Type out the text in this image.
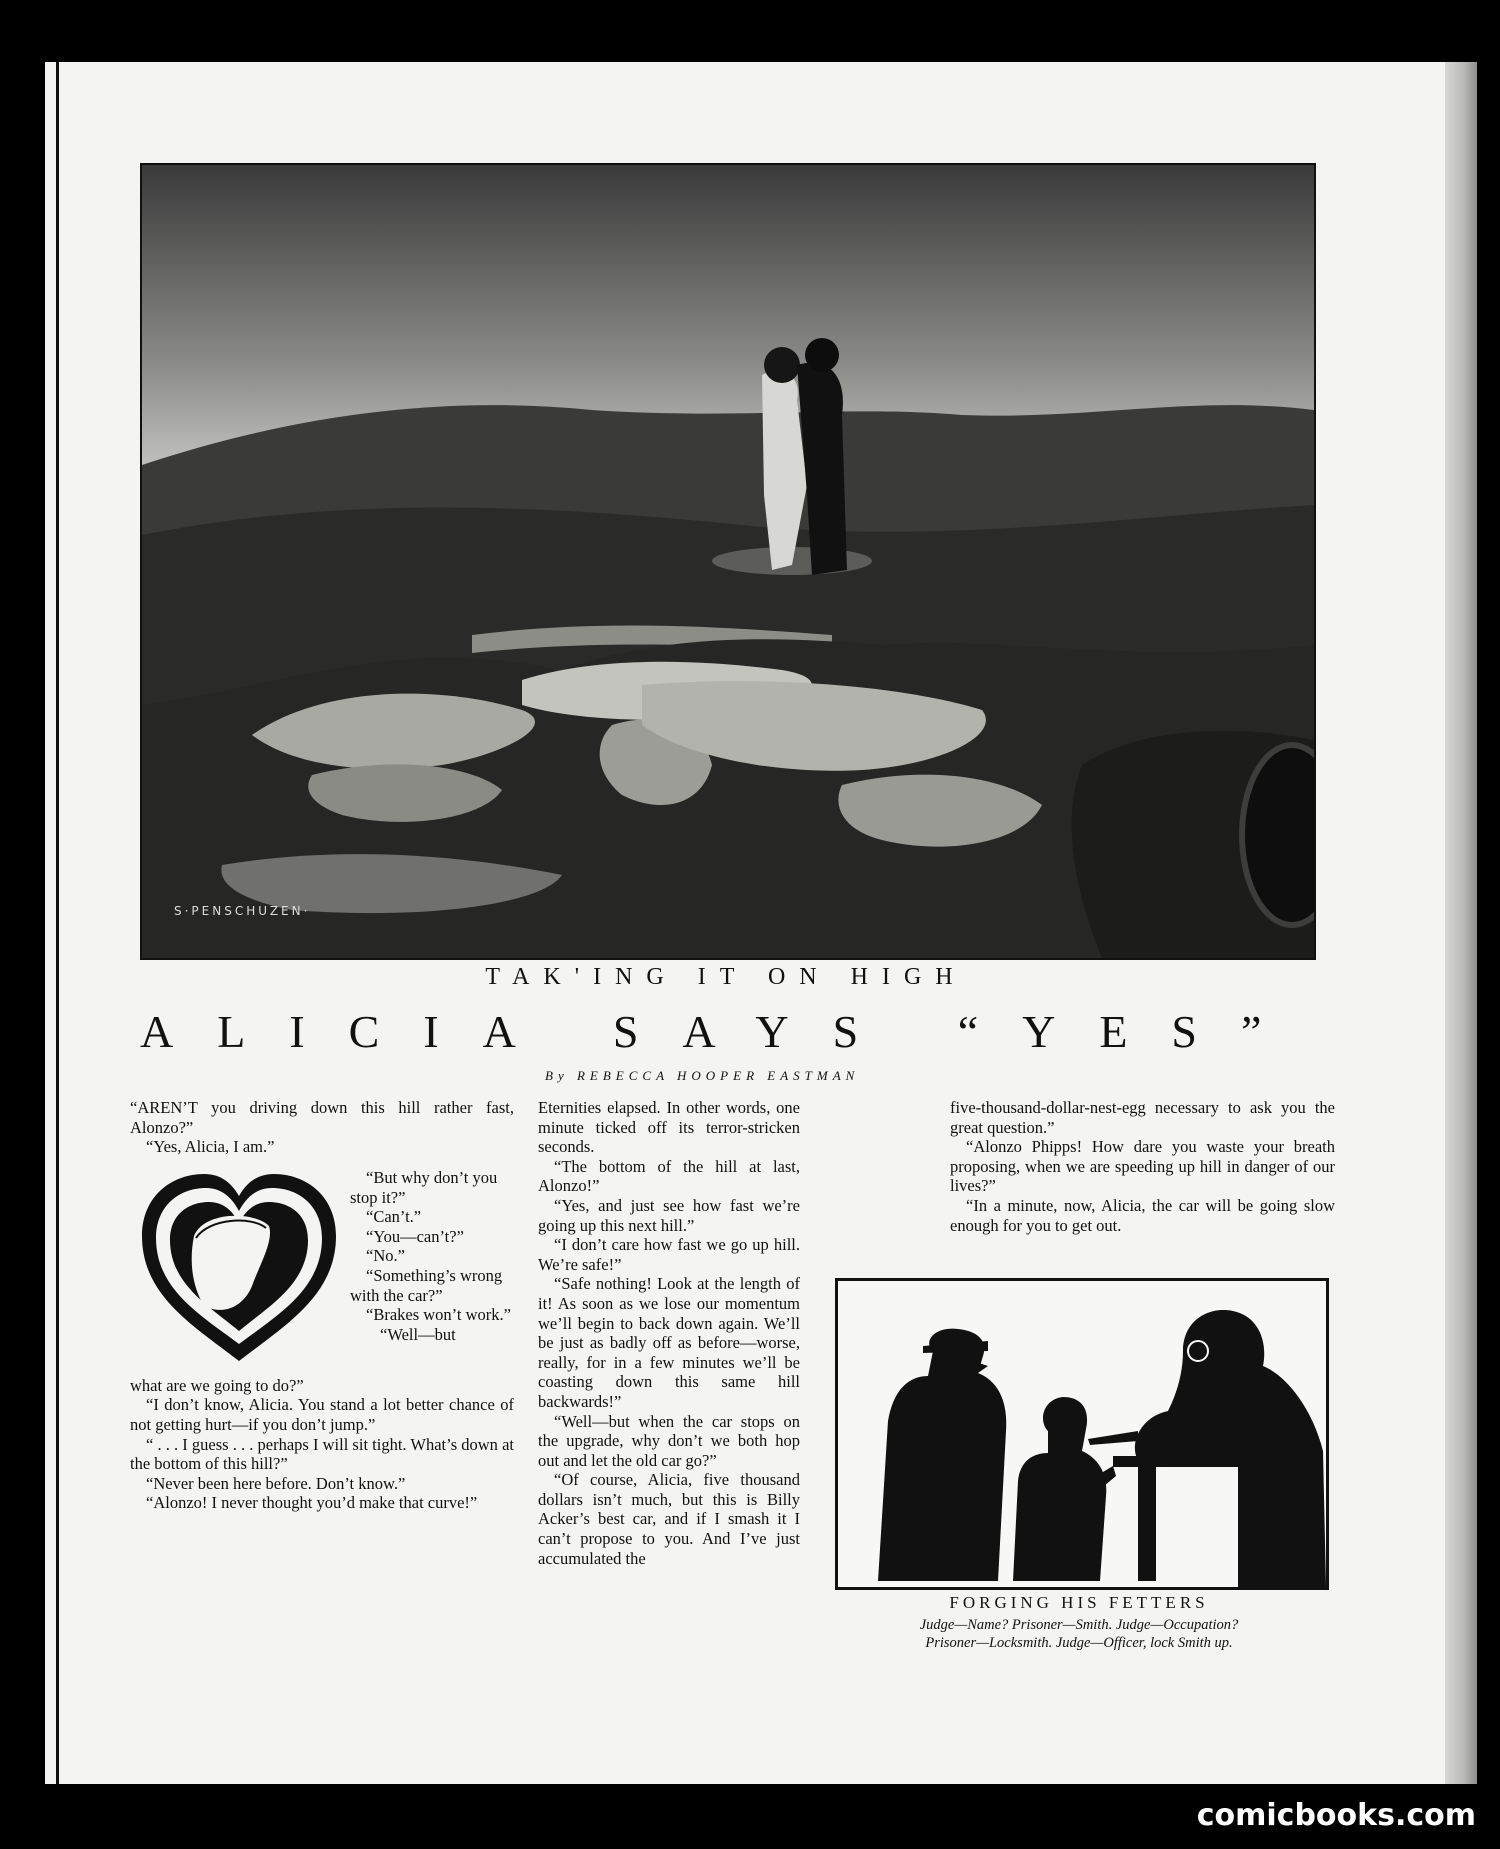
S·PENSCHUZEN·
TAK'ING IT ON HIGH
ALICIA SAYS “YES”
By REBECCA HOOPER EASTMAN

“AREN’T you driving down this hill rather fast, Alonzo?”

“Yes, Alicia, I am.”

what are we going to do?”

“I don’t know, Alicia. You stand a lot better chance of not getting hurt—if you don’t jump.”

“ . . . I guess . . . perhaps I will sit tight. What’s down at the bottom of this hill?”

“Never been here before. Don’t know.”

“Alonzo! I never thought you’d make that curve!”

“But why don’t you stop it?”

“Can’t.”

“You—can’t?”

“No.”

“Something’s wrong with the car?”

“Brakes won’t work.”

“Well—but

Eternities elapsed. In other words, one minute ticked off its terror-stricken seconds.

“The bottom of the hill at last, Alonzo!”

“Yes, and just see how fast we’re going up this next hill.”

“I don’t care how fast we go up hill. We’re safe!”

“Safe nothing! Look at the length of it! As soon as we lose our momentum we’ll begin to back down again. We’ll be just as badly off as before—worse, really, for in a few minutes we’ll be coasting down this same hill backwards!”

“Well—but when the car stops on the upgrade, why don’t we both hop out and let the old car go?”

“Of course, Alicia, five thousand dollars isn’t much, but this is Billy Acker’s best car, and if I smash it I can’t propose to you. And I’ve just accumulated the

five-thousand-dollar-nest-egg necessary to ask you the great question.”

“Alonzo Phipps! How dare you waste your breath proposing, when we are speeding up hill in danger of our lives?”

“In a minute, now, Alicia, the car will be going slow enough for you to get out.

FORGING HIS FETTERS
Judge—Name? Prisoner—Smith. Judge—Occupation?
Prisoner—Locksmith. Judge—Officer, lock Smith up.
comicbooks.com
